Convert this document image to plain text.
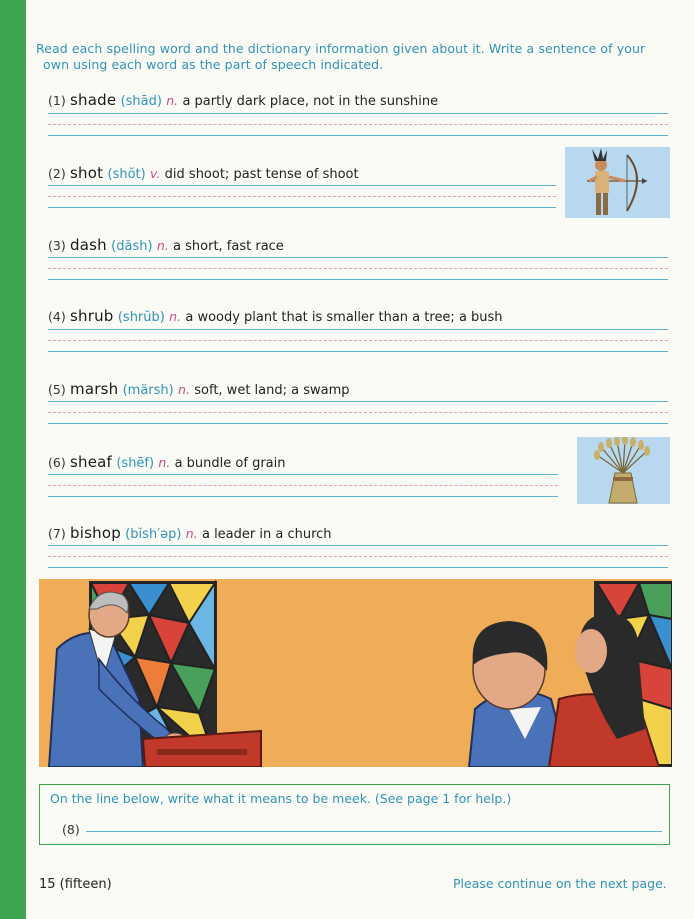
Read each spelling word and the dictionary information given about it. Write a sentence of your
own using each word as the part of speech indicated.
(1) shade (shād) n. a partly dark place, not in the sunshine
(2) shot (shŏt) v. did shoot; past tense of shoot
(3) dash (dăsh) n. a short, fast race
(4) shrub (shrŭb) n. a woody plant that is smaller than a tree; a bush
(5) marsh (märsh) n. soft, wet land; a swamp
(6) sheaf (shēf) n. a bundle of grain
(7) bishop (bĭsh′əp) n. a leader in a church
On the line below, write what it means to be meek. (See page 1 for help.)
(8)
15 (fifteen)	Please continue on the next page.
